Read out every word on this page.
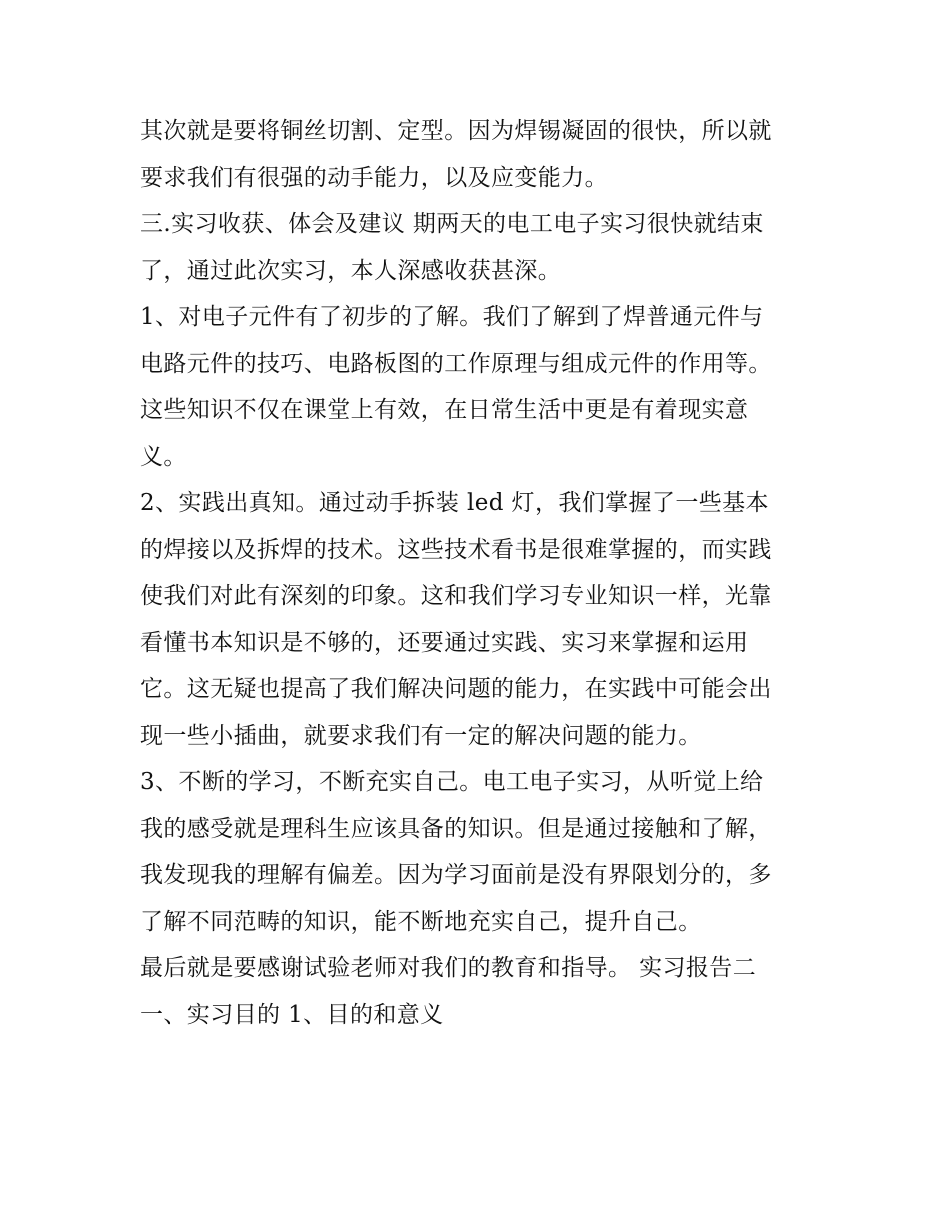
其次就是要将铜丝切割、定型。因为焊锡凝固的很快，所以就
要求我们有很强的动手能力，以及应变能力。
三.实习收获、体会及建议 期两天的电工电子实习很快就结束
了，通过此次实习，本人深感收获甚深。
1、对电子元件有了初步的了解。我们了解到了焊普通元件与
电路元件的技巧、电路板图的工作原理与组成元件的作用等。
这些知识不仅在课堂上有效，在日常生活中更是有着现实意
义。
2、实践出真知。通过动手拆装 led 灯，我们掌握了一些基本
的焊接以及拆焊的技术。这些技术看书是很难掌握的，而实践
使我们对此有深刻的印象。这和我们学习专业知识一样，光靠
看懂书本知识是不够的，还要通过实践、实习来掌握和运用
它。这无疑也提高了我们解决问题的能力，在实践中可能会出
现一些小插曲，就要求我们有一定的解决问题的能力。
3、不断的学习，不断充实自己。电工电子实习，从听觉上给
我的感受就是理科生应该具备的知识。但是通过接触和了解，
我发现我的理解有偏差。因为学习面前是没有界限划分的，多
了解不同范畴的知识，能不断地充实自己，提升自己。
最后就是要感谢试验老师对我们的教育和指导。 实习报告二
一、实习目的 1、目的和意义
